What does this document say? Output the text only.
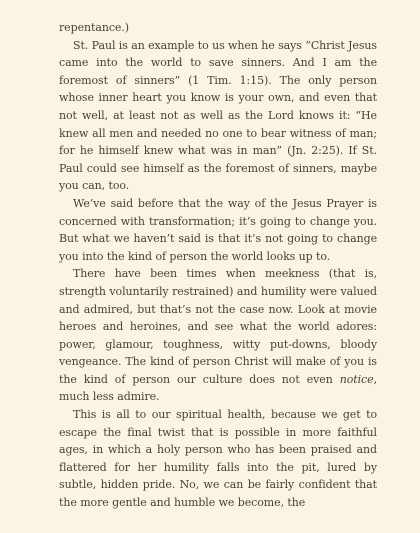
repentance.)

St. Paul is an example to us when he says “Christ Jesus came into the world to save sinners. And I am the foremost of sinners” (1 Tim. 1:15). The only person whose inner heart you know is your own, and even that not well, at least not as well as the Lord knows it: “He knew all men and needed no one to bear witness of man; for he himself knew what was in man” (Jn. 2:25). If St. Paul could see himself as the foremost of sinners, maybe you can, too.

We’ve said before that the way of the Jesus Prayer is concerned with transformation; it’s going to change you. But what we haven’t said is that it’s not going to change you into the kind of person the world looks up to.

There have been times when meekness (that is, strength voluntarily restrained) and humility were valued and admired, but that’s not the case now. Look at movie heroes and heroines, and see what the world adores: power, glamour, toughness, witty put-downs, bloody vengeance. The kind of person Christ will make of you is the kind of person our culture does not even notice, much less admire.

This is all to our spiritual health, because we get to escape the final twist that is possible in more faithful ages, in which a holy person who has been praised and flattered for her humility falls into the pit, lured by subtle, hidden pride. No, we can be fairly confident that the more gentle and humble we become, the
